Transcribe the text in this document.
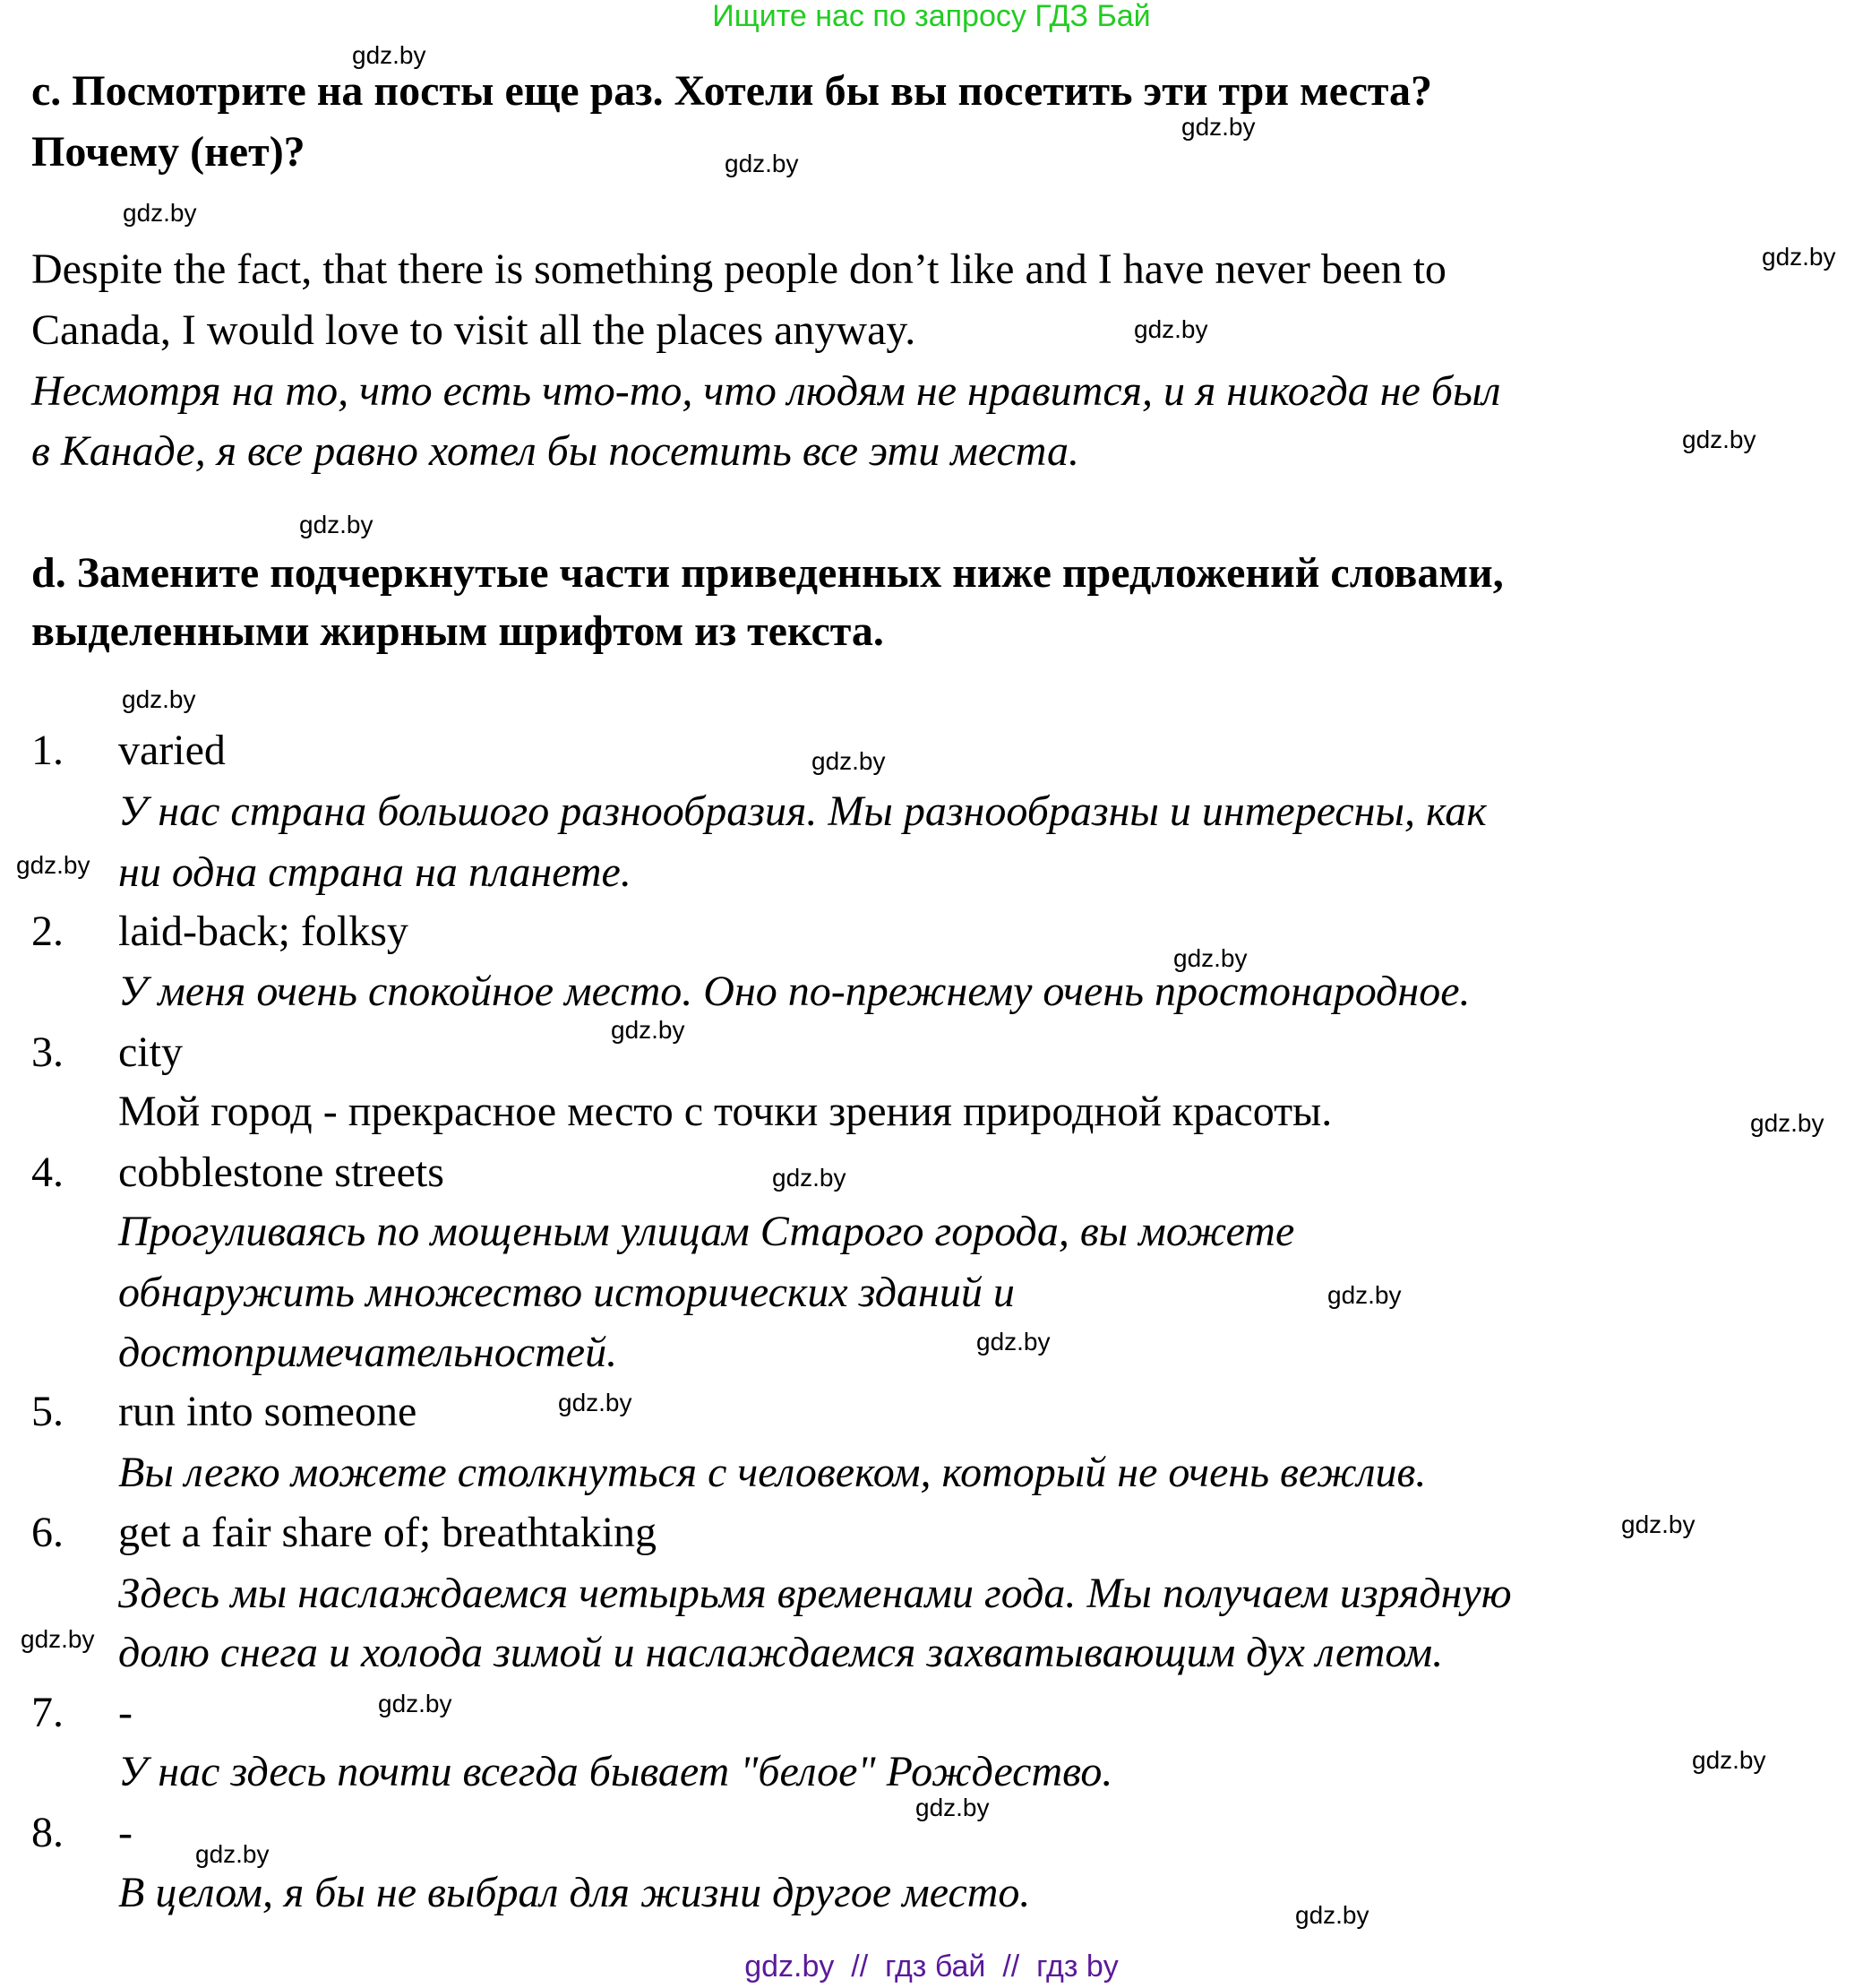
Ищите нас по запросу ГДЗ Бай
c. Посмотрите на посты еще раз. Хотели бы вы посетить эти три места?
Почему (нет)?
Despite the fact, that there is something people don’t like and I have never been to
Canada, I would love to visit all the places anyway.
Несмотря на то, что есть что-то, что людям не нравится, и я никогда не был
в Канаде, я все равно хотел бы посетить все эти места.
d. Замените подчеркнутые части приведенных ниже предложений словами,
выделенными жирным шрифтом из текста.
1. varied
У нас страна большого разнообразия. Мы разнообразны и интересны, как
ни одна страна на планете.
2. laid-back; folksy
У меня очень спокойное место. Оно по-прежнему очень простонародное.
3. city
Мой город - прекрасное место с точки зрения природной красоты.
4. cobblestone streets
Прогуливаясь по мощеным улицам Старого города, вы можете
обнаружить множество исторических зданий и
достопримечательностей.
5. run into someone
Вы легко можете столкнуться с человеком, который не очень вежлив.
6. get a fair share of; breathtaking
Здесь мы наслаждаемся четырьмя временами года. Мы получаем изрядную
долю снега и холода зимой и наслаждаемся захватывающим дух летом.
7. -
У нас здесь почти всегда бывает "белое" Рождество.
8. -
В целом, я бы не выбрал для жизни другое место.
gdz.by
gdz.by
gdz.by
gdz.by
gdz.by
gdz.by
gdz.by
gdz.by
gdz.by
gdz.by
gdz.by
gdz.by
gdz.by
gdz.by
gdz.by
gdz.by
gdz.by
gdz.by
gdz.by
gdz.by
gdz.by
gdz.by
gdz.by
gdz.by
gdz.by
gdz.by  //  гдз бай  //  гдз by
